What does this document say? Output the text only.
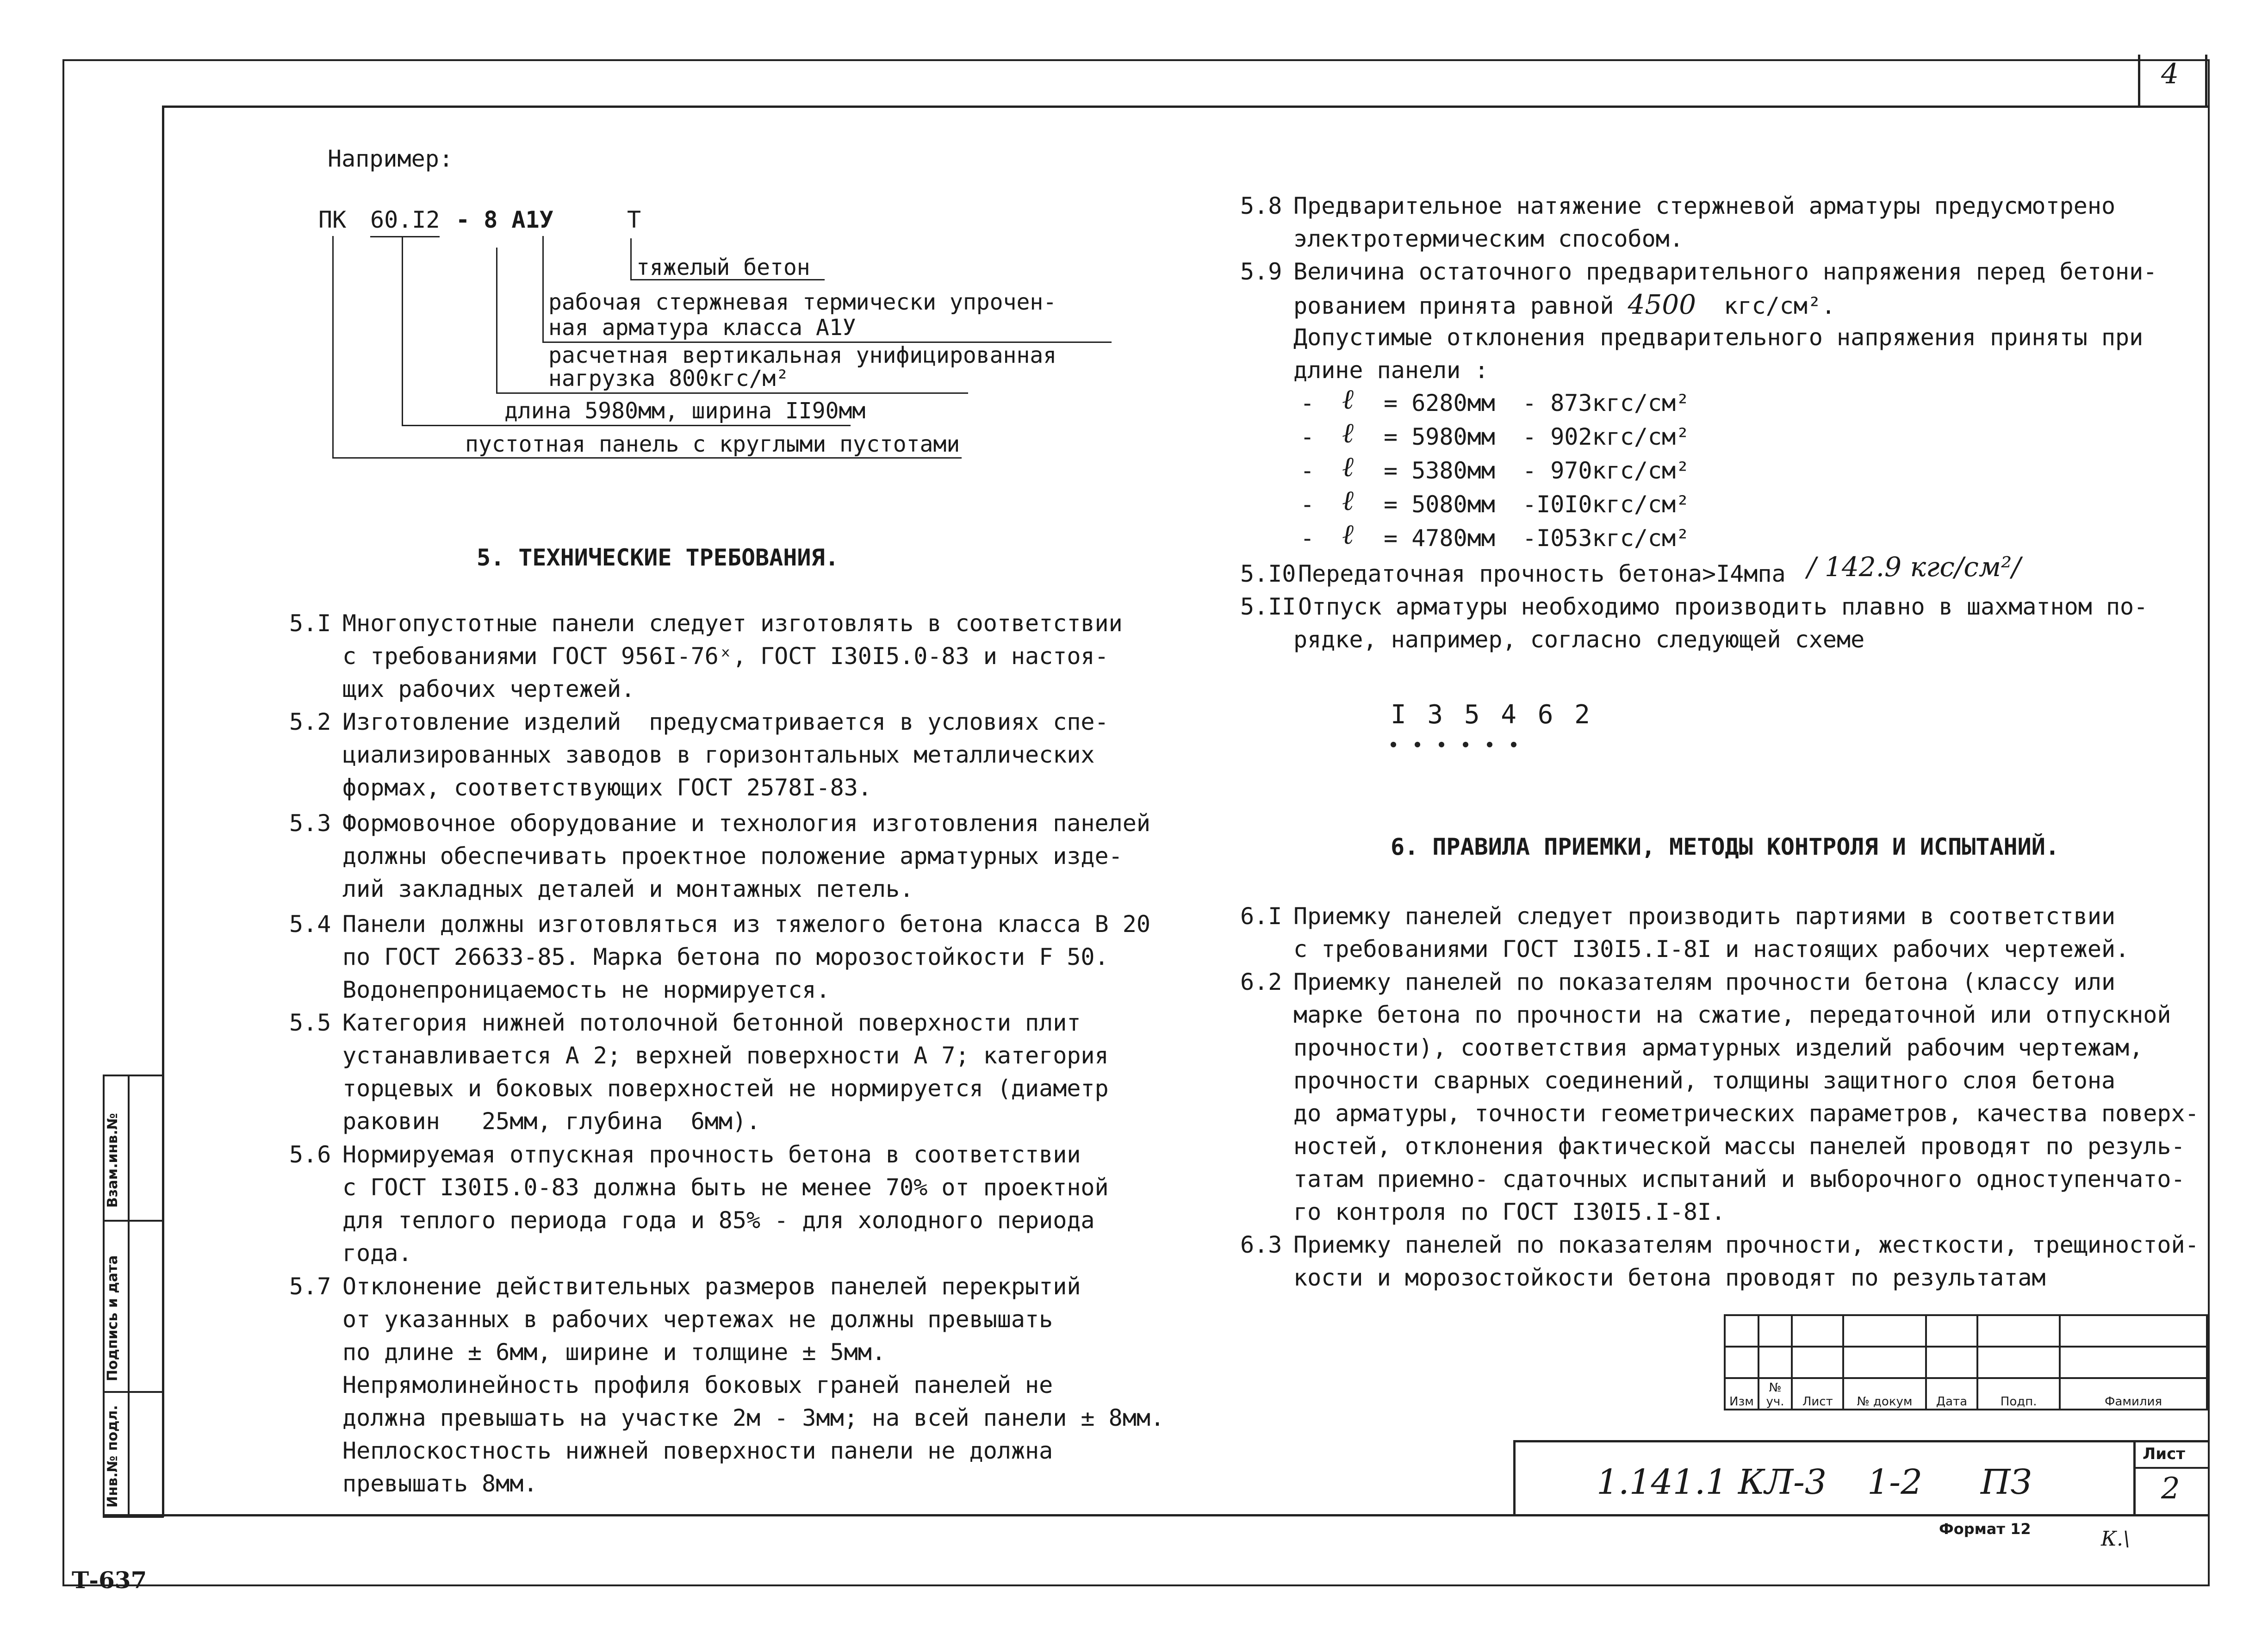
4
Взам.инв.№
Подпись и дата
Инв.№ подл.
Например:
ПК 60.I2 - 8 А1У	Т
тяжелый бетон
рабочая стержневая термически упрочен-
ная арматура класса А1У
расчетная вертикальная унифицированная
нагрузка 800кгс/м²
длина 5980мм, ширина II90мм
пустотная панель с круглыми пустотами
5. ТЕХНИЧЕСКИЕ ТРЕБОВАНИЯ.
5.I Многопустотные панели следует изготовлять в соответствии
с требованиями ГОСТ 956I-76ˣ, ГОСТ I30I5.0-83 и настоя-
щих рабочих чертежей.
5.2 Изготовление изделий  предусматривается в условиях спе-
циализированных заводов в горизонтальных металлических
формах, соответствующих ГОСТ 2578I-83.
5.3 Формовочное оборудование и технология изготовления панелей
должны обеспечивать проектное положение арматурных изде-
лий закладных деталей и монтажных петель.
5.4 Панели должны изготовляться из тяжелого бетона класса В 20
по ГОСТ 26633-85. Марка бетона по морозостойкости F 50.
Водонепроницаемость не нормируется.
5.5 Категория нижней потолочной бетонной поверхности плит
устанавливается А 2; верхней поверхности А 7; категория
торцевых и боковых поверхностей не нормируется (диаметр
раковин   25мм, глубина  6мм).
5.6 Нормируемая отпускная прочность бетона в соответствии
с ГОСТ I30I5.0-83 должна быть не менее 70% от проектной
для теплого периода года и 85% - для холодного периода
года.
5.7 Отклонение действительных размеров панелей перекрытий
от указанных в рабочих чертежах не должны превышать
по длине ± 6мм, ширине и толщине ± 5мм.
Непрямолинейность профиля боковых граней панелей не
должна превышать на участке 2м - 3мм; на всей панели ± 8мм.
Неплоскостность нижней поверхности панели не должна
превышать 8мм.
5.8 Предварительное натяжение стержневой арматуры предусмотрено
электротермическим способом.
5.9 Величина остаточного предварительного напряжения перед бетони-
рованием принята равной 4500  кгс/см².
Допустимые отклонения предварительного напряжения приняты при
длине панели :
- ℓ = 6280мм - 873кгс/см²
- ℓ = 5980мм - 902кгс/см²
- ℓ = 5380мм - 970кгс/см²
- ℓ = 5080мм -I0I0кгс/см²
- ℓ = 4780мм -I053кгс/см²
5.I0 Передаточная прочность бетона>I4мпа / 142.9 кгс/см²/
5.II Отпуск арматуры необходимо производить плавно в шахматном по-
рядке, например, согласно следующей схеме
I 3 5 4 6 2
6. ПРАВИЛА ПРИЕМКИ, МЕТОДЫ КОНТРОЛЯ И ИСПЫТАНИЙ.
6.I Приемку панелей следует производить партиями в соответствии
с требованиями ГОСТ I30I5.I-8I и настоящих рабочих чертежей.
6.2 Приемку панелей по показателям прочности бетона (классу или
марке бетона по прочности на сжатие, передаточной или отпускной
прочности), соответствия арматурных изделий рабочим чертежам,
прочности сварных соединений, толщины защитного слоя бетона
до арматуры, точности геометрических параметров, качества поверх-
ностей, отклонения фактической массы панелей проводят по резуль-
татам приемно- сдаточных испытаний и выборочного одноступенчато-
го контроля по ГОСТ I30I5.I-8I.
6.3 Приемку панелей по показателям прочности, жесткости, трещиностой-
кости и морозостойкости бетона проводят по результатам

Изм	№ уч.	Лист	№ докум	Дата	Подп.	Фамилия
Лист
2
1.141.1 КЛ-3 1-2 ПЗ
Формат 12	К.\
Т-637
